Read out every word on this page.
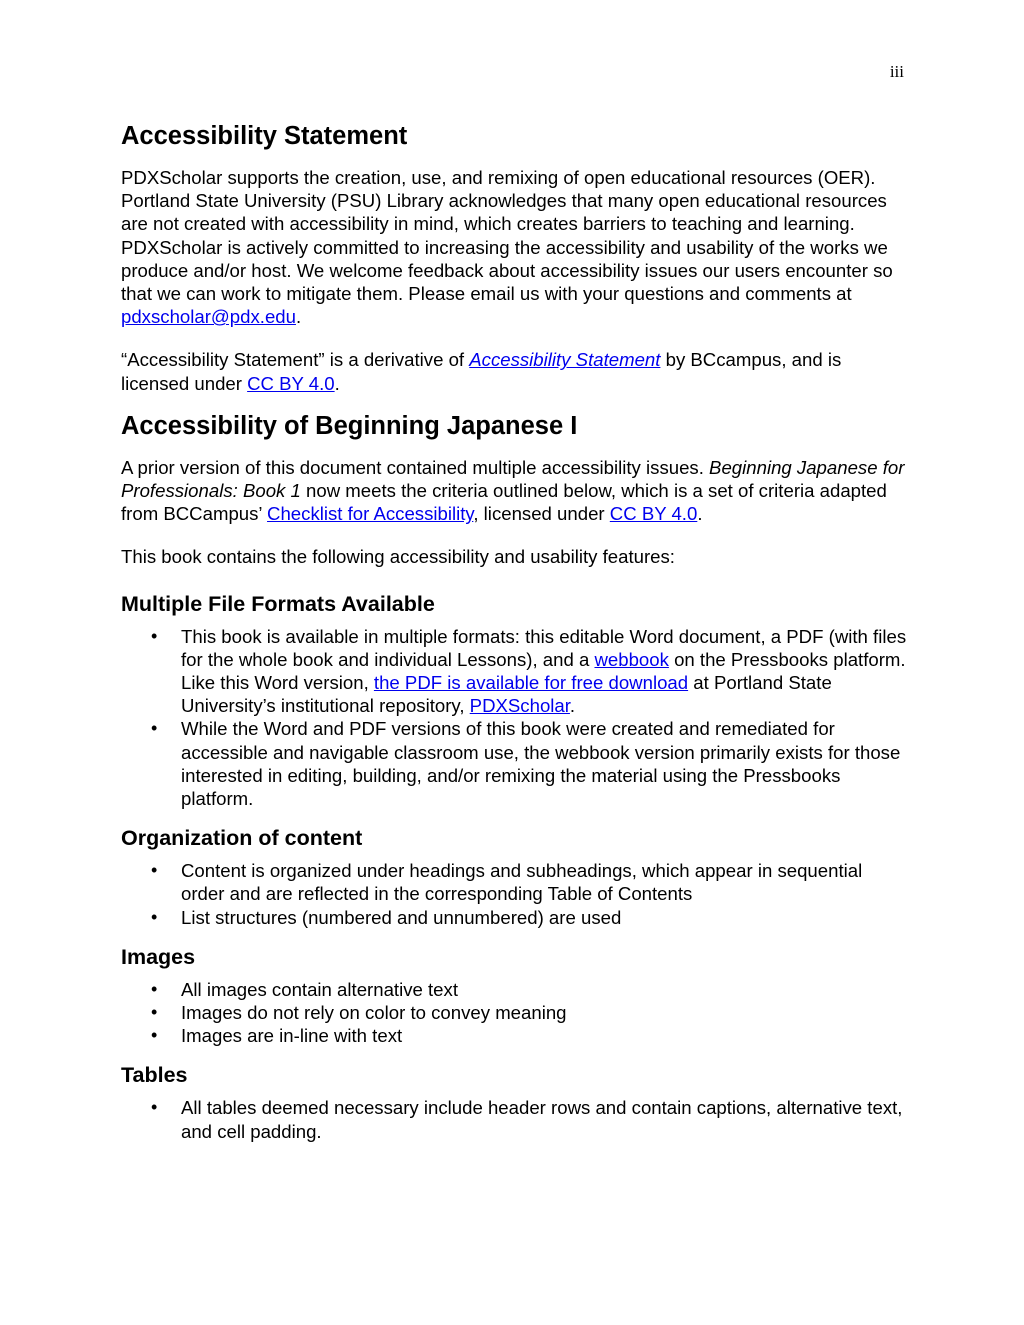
iii
Accessibility Statement

PDXScholar supports the creation, use, and remixing of open educational resources (OER). Portland State University (PSU) Library acknowledges that many open educational resources are not created with accessibility in mind, which creates barriers to teaching and learning. PDXScholar is actively committed to increasing the accessibility and usability of the works we produce and/or host. We welcome feedback about accessibility issues our users encounter so that we can work to mitigate them. Please email us with your questions and comments at pdxscholar@pdx.edu.

“Accessibility Statement” is a derivative of Accessibility Statement by BCcampus, and is licensed under CC BY 4.0.

Accessibility of Beginning Japanese I

A prior version of this document contained multiple accessibility issues. Beginning Japanese for Professionals: Book 1 now meets the criteria outlined below, which is a set of criteria adapted from BCCampus’ Checklist for Accessibility, licensed under CC BY 4.0.

This book contains the following accessibility and usability features:

Multiple File Formats Available
• This book is available in multiple formats: this editable Word document, a PDF (with files for the whole book and individual Lessons), and a webbook on the Pressbooks platform. Like this Word version, the PDF is available for free download at Portland State University’s institutional repository, PDXScholar.
• While the Word and PDF versions of this book were created and remediated for accessible and navigable classroom use, the webbook version primarily exists for those interested in editing, building, and/or remixing the material using the Pressbooks platform.
Organization of content
• Content is organized under headings and subheadings, which appear in sequential order and are reflected in the corresponding Table of Contents
• List structures (numbered and unnumbered) are used
Images
• All images contain alternative text
• Images do not rely on color to convey meaning
• Images are in-line with text
Tables
• All tables deemed necessary include header rows and contain captions, alternative text, and cell padding.
